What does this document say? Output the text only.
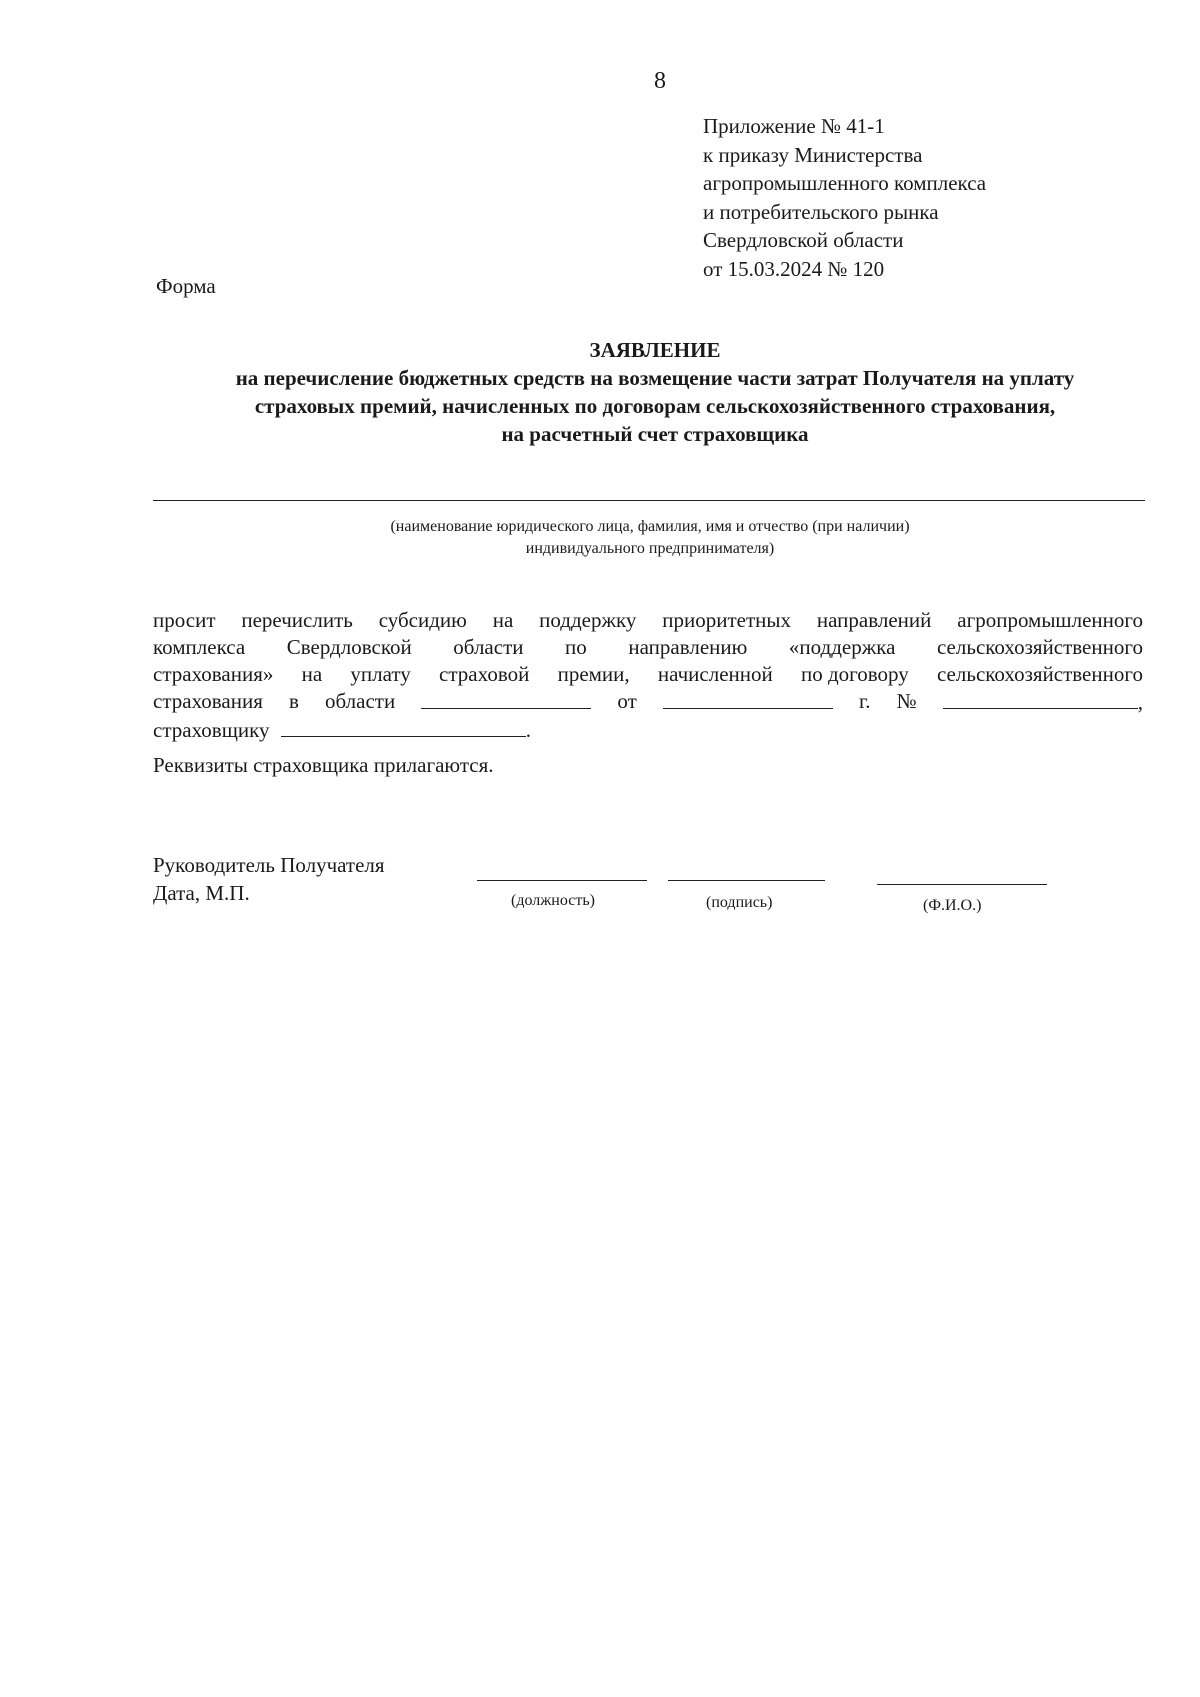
8
Приложение № 41-1
к приказу Министерства
агропромышленного комплекса
и потребительского рынка
Свердловской области
от 15.03.2024 № 120
Форма
ЗАЯВЛЕНИЕ
на перечисление бюджетных средств на возмещение части затрат Получателя на уплату
страховых премий, начисленных по договорам сельскохозяйственного страхования,
на расчетный счет страховщика
(наименование юридического лица, фамилия, имя и отчество (при наличии)
индивидуального предпринимателя)
просит перечислить субсидию на поддержку приоритетных направлений агропромышленного
комплекса Свердловской области по направлению «поддержка сельскохозяйственного
страхования» на уплату страховой премии, начисленной по договору сельскохозяйственного
страхования в области	от	г. №	,
страховщику	.
Реквизиты страховщика прилагаются.
Руководитель Получателя
Дата, М.П.	(должность)	(подпись)	(Ф.И.О.)
